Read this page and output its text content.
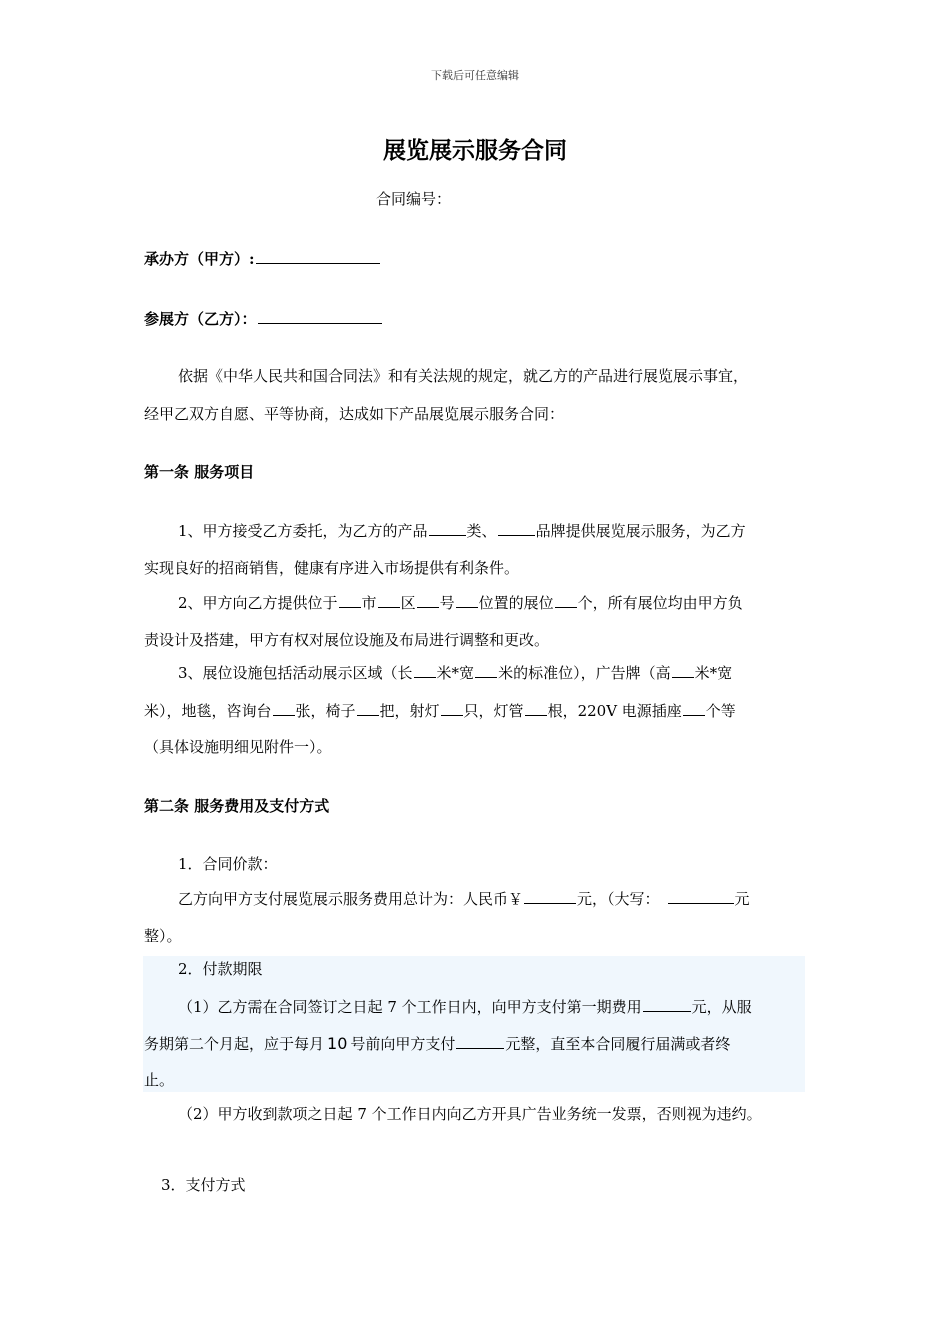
下载后可任意编辑
展览展示服务合同
合同编号：
承办方（甲方）:
参展方（乙方）：
依据《中华人民共和国合同法》和有关法规的规定，就乙方的产品进行展览展示事宜，
经甲乙双方自愿、平等协商，达成如下产品展览展示服务合同：
第一条 服务项目
1、甲方接受乙方委托，为乙方的产品	类、	品牌提供展览展示服务，为乙方
实现良好的招商销售，健康有序进入市场提供有利条件。
2、甲方向乙方提供位于 市 区 号 位置的展位 个，所有展位均由甲方负
责设计及搭建，甲方有权对展位设施及布局进行调整和更改。
3、展位设施包括活动展示区域（长 米*宽 米的标准位），广告牌（高 米*宽
米），地毯，咨询台 张，椅子 把，射灯 只，灯管 根，220V 电源插座 个等
（具体设施明细见附件一）。
第二条 服务费用及支付方式
1．合同价款：
乙方向甲方支付展览展示服务费用总计为：人民币￥	元，（大写：	元
整）。
2．付款期限
（1）乙方需在合同签订之日起 7 个工作日内，向甲方支付第一期费用	元，从服
务期第二个月起，应于每月 10 号前向甲方支付	元整，直至本合同履行届满或者终
止。
（2）甲方收到款项之日起 7 个工作日内向乙方开具广告业务统一发票，否则视为违约。
3．支付方式
